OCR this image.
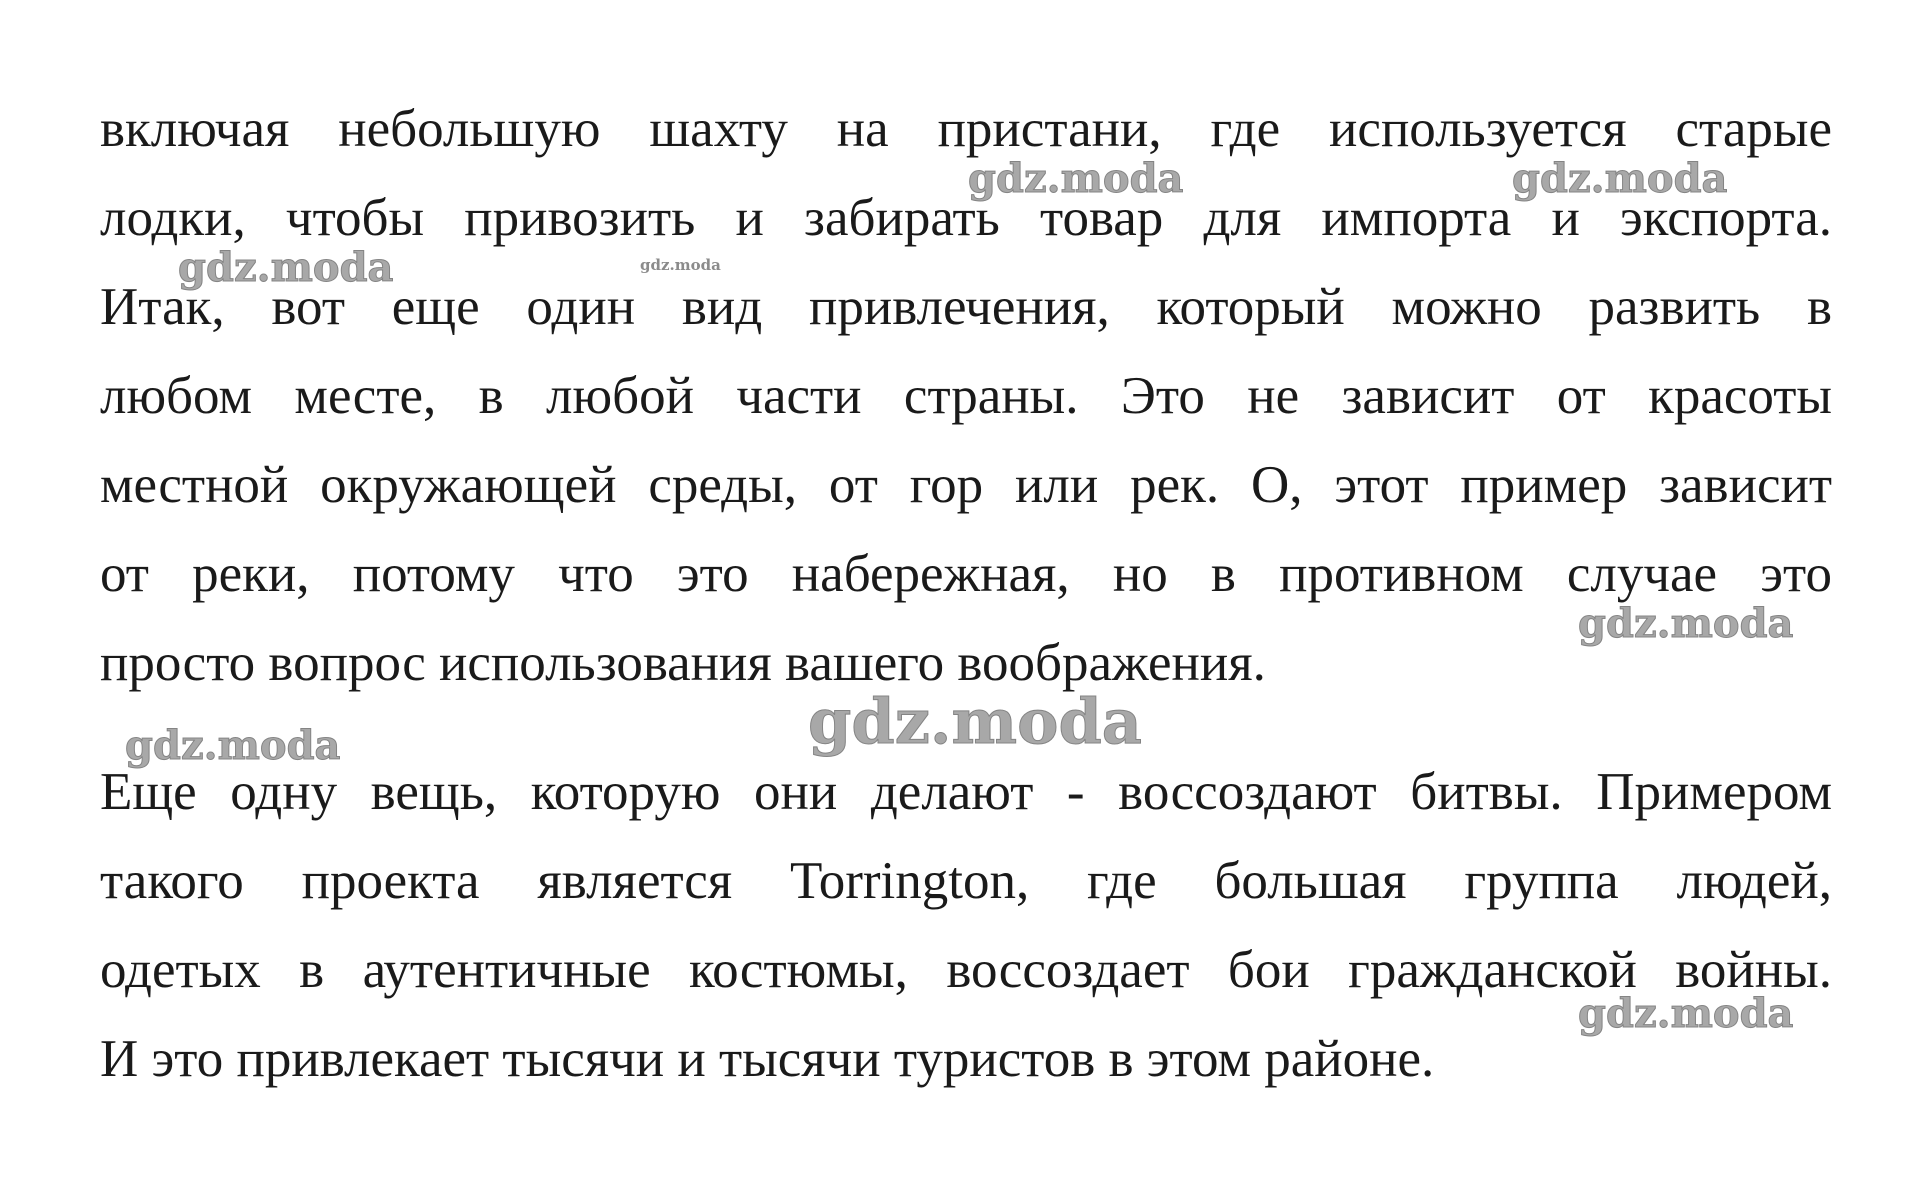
включая небольшую шахту на пристани, где используется старые
лодки, чтобы привозить и забирать товар для импорта и экспорта.
Итак, вот еще один вид привлечения, который можно развить в
любом месте, в любой части страны. Это не зависит от красоты
местной окружающей среды, от гор или рек. О, этот пример зависит
от реки, потому что это набережная, но в противном случае это
просто вопрос использования вашего воображения.
Еще одну вещь, которую они делают - воссоздают битвы. Примером
такого проекта является Torrington, где большая группа людей,
одетых в аутентичные костюмы, воссоздает бои гражданской войны.
И это привлекает тысячи и тысячи туристов в этом районе.
gdz.moda	gdz.moda
gdz.moda	gdz.moda
gdz.moda
gdz.moda
gdz.moda
gdz.moda
